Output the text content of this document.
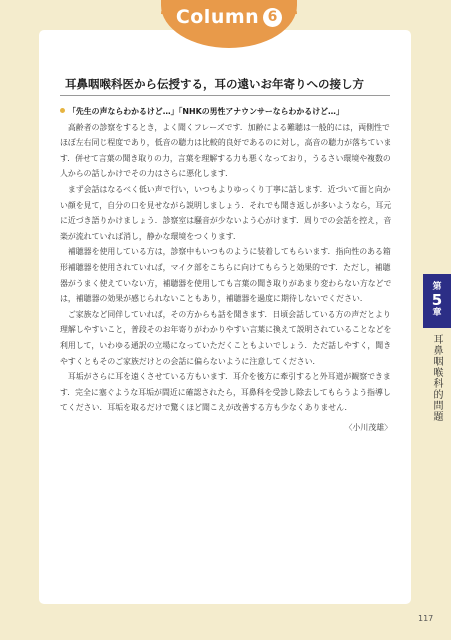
Column 6
耳鼻咽喉科医から伝授する，耳の遠いお年寄りへの接し方

「先生の声ならわかるけど…」「NHKの男性アナウンサーならわかるけど…」

高齢者の診察をするとき，よく聞くフレーズです．加齢による難聴は一般的には，両側性でほぼ左右同じ程度であり，低音の聴力は比較的良好であるのに対し，高音の聴力が落ちています．併せて言葉の聞き取りの力，言葉を理解する力も悪くなっており，うるさい環境や複数の人からの話しかけでその力はさらに悪化します．

まず会話はなるべく低い声で行い，いつもよりゆっくり丁寧に話します．近づいて面と向かい顔を見て，自分の口を見せながら説明しましょう．それでも聞き返しが多いようなら，耳元に近づき語りかけましょう．診察室は騒音が少ないよう心がけます．周りでの会話を控え，音楽が流れていれば消し，静かな環境をつくります．

補聴器を使用している方は，診察中もいつものように装着してもらいます．指向性のある箱形補聴器を使用されていれば，マイク部をこちらに向けてもらうと効果的です．ただし，補聴器がうまく使えていない方，補聴器を使用しても言葉の聞き取りがあまり変わらない方などでは，補聴器の効果が感じられないこともあり，補聴器を過度に期待しないでください．

ご家族など同伴していれば，その方からも話を聞きます．日頃会話している方の声だとより理解しやすいこと，普段そのお年寄りがわかりやすい言葉に換えて説明されていることなどを利用して，いわゆる通訳の立場になっていただくこともよいでしょう．ただ話しやすく，聞きやすくともそのご家族だけとの会話に偏らないように注意してください．

耳垢がさらに耳を遠くさせている方もいます．耳介を後方に牽引すると外耳道が観察できます．完全に塞ぐような耳垢が間近に確認されたら，耳鼻科を受診し除去してもらうよう指導してください．耳垢を取るだけで驚くほど聞こえが改善する方も少なくありません．

〈小川茂雄〉
第
5
章
耳鼻咽喉科的問題
117
